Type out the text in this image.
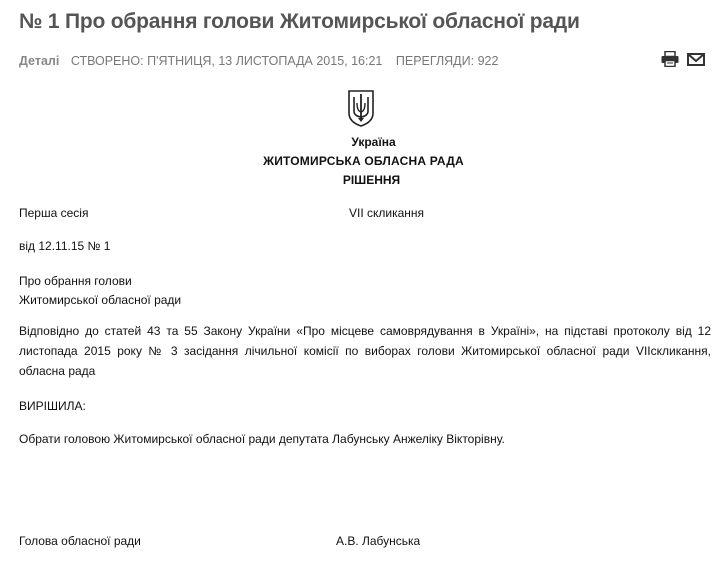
№ 1 Про обрання голови Житомирської обласної ради
Деталі СТВОРЕНО: П'ЯТНИЦЯ, 13 ЛИСТОПАДА 2015, 16:21 ПЕРЕГЛЯДИ: 922
Україна
ЖИТОМИРСЬКА ОБЛАСНА РАДА
РІШЕННЯ
Перша сесія	VII скликання
від 12.11.15 № 1
Про обрання голови
Житомирської обласної ради
Відповідно до статей 43 та 55 Закону України «Про місцеве самоврядування в Україні», на підставі протоколу від 12 листопада 2015 року № 3 засідання лічильної комісії по виборах голови Житомирської обласної ради VIIскликання, обласна рада
ВИРІШИЛА:
Обрати головою Житомирської обласної ради депутата Лабунську Анжеліку Вікторівну.
Голова обласної ради	А.В. Лабунська
